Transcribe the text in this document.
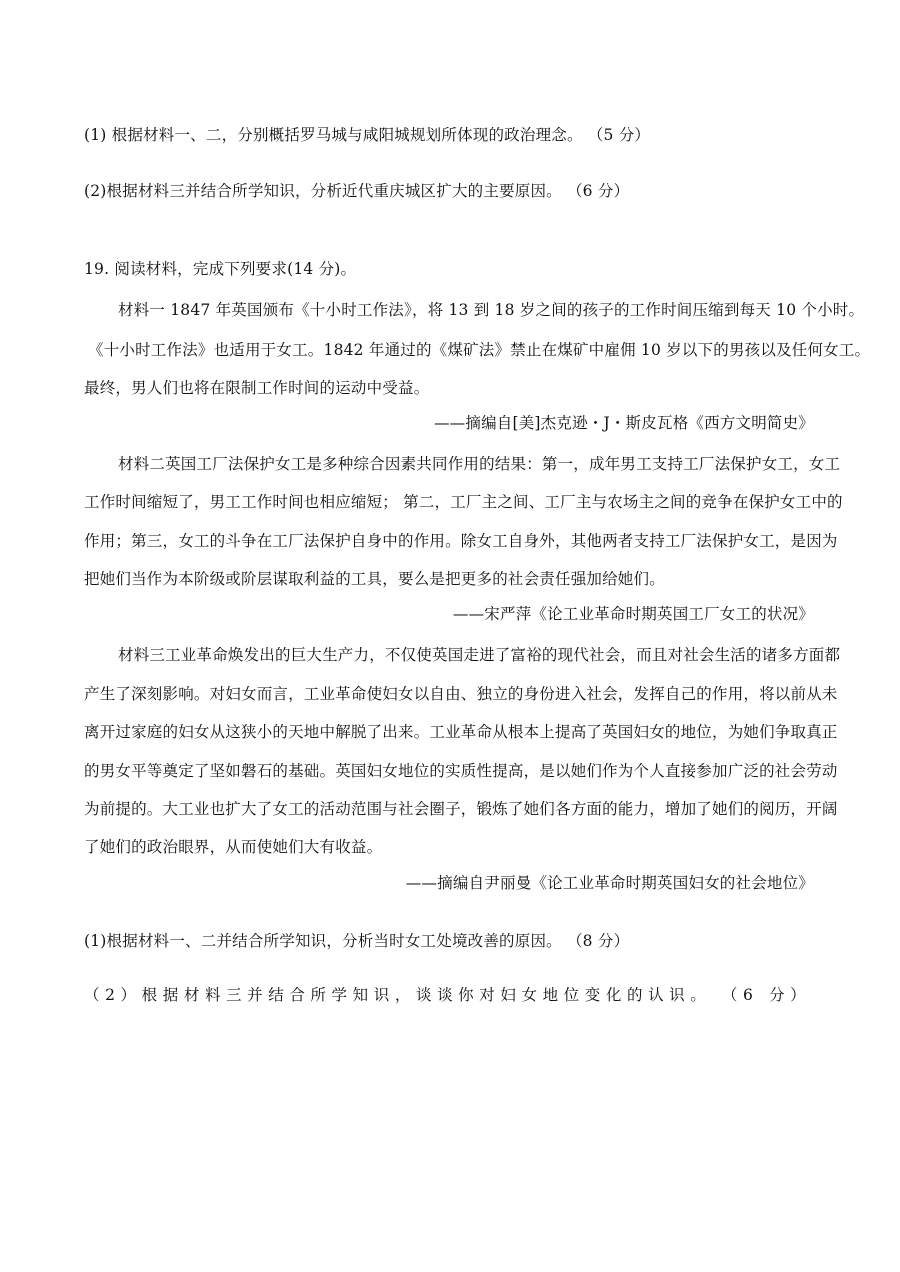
(1) 根据材料一、二，分别概括罗马城与咸阳城规划所体现的政治理念。 （5 分）
(2)根据材料三并结合所学知识，分析近代重庆城区扩大的主要原因。 （6 分）
19. 阅读材料，完成下列要求(14 分)。
材料一 1847 年英国颁布《十小时工作法》，将 13 到 18 岁之间的孩子的工作时间压缩到每天 10 个小时。
《十小时工作法》也适用于女工。1842 年通过的《煤矿法》禁止在煤矿中雇佣 10 岁以下的男孩以及任何女工。
最终，男人们也将在限制工作时间的运动中受益。
——摘编自[美]杰克逊・J・斯皮瓦格《西方文明简史》
材料二英国工厂法保护女工是多种综合因素共同作用的结果：第一，成年男工支持工厂法保护女工，女工
工作时间缩短了，男工工作时间也相应缩短； 第二，工厂主之间、工厂主与农场主之间的竞争在保护女工中的
作用；第三，女工的斗争在工厂法保护自身中的作用。除女工自身外，其他两者支持工厂法保护女工，是因为
把她们当作为本阶级或阶层谋取利益的工具，要么是把更多的社会责任强加给她们。
——宋严萍《论工业革命时期英国工厂女工的状况》
材料三工业革命焕发出的巨大生产力，不仅使英国走进了富裕的现代社会，而且对社会生活的诸多方面都
产生了深刻影响。对妇女而言，工业革命使妇女以自由、独立的身份进入社会，发挥自己的作用，将以前从未
离开过家庭的妇女从这狭小的天地中解脱了出来。工业革命从根本上提高了英国妇女的地位，为她们争取真正
的男女平等奠定了坚如磐石的基础。英国妇女地位的实质性提高，是以她们作为个人直接参加广泛的社会劳动
为前提的。大工业也扩大了女工的活动范围与社会圈子，锻炼了她们各方面的能力，增加了她们的阅历，开阔
了她们的政治眼界，从而使她们大有收益。
——摘编自尹丽曼《论工业革命时期英国妇女的社会地位》
(1)根据材料一、二并结合所学知识，分析当时女工处境改善的原因。 （8 分）
（2）根据材料三并结合所学知识，谈谈你对妇女地位变化的认识。 （6 分）
